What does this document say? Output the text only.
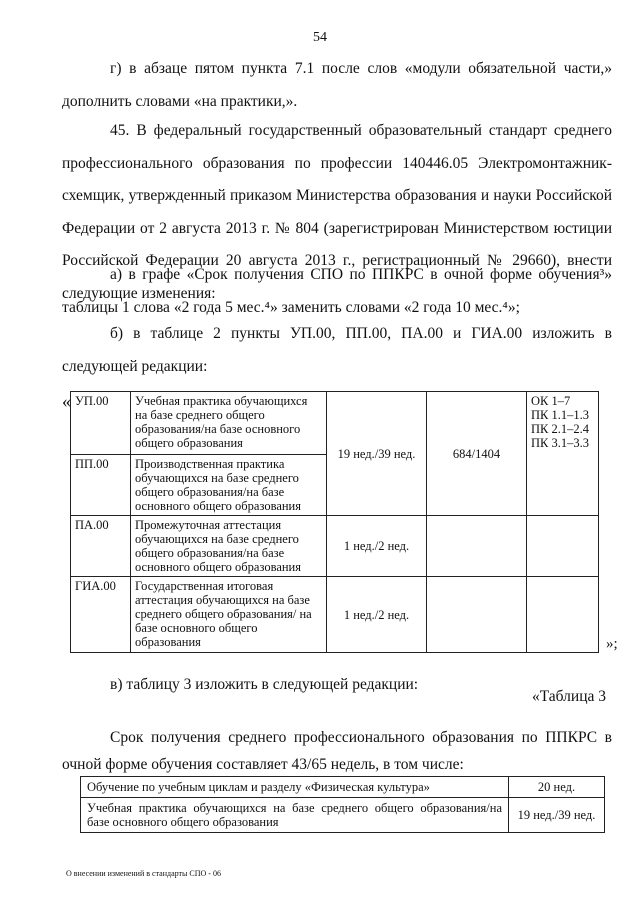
54
г) в абзаце пятом пункта 7.1 после слов «модули обязательной части,» дополнить словами «на практики,».
45. В федеральный государственный образовательный стандарт среднего профессионального образования по профессии 140446.05 Электромонтажник-схемщик, утвержденный приказом Министерства образования и науки Российской Федерации от 2 августа 2013 г. № 804 (зарегистрирован Министерством юстиции Российской Федерации 20 августа 2013 г., регистрационный № 29660), внести следующие изменения:
а) в графе «Срок получения СПО по ППКРС в очной форме обучения³» таблицы 1 слова «2 года 5 мес.⁴» заменить словами «2 года 10 мес.⁴»;
б) в таблице 2 пункты УП.00, ПП.00, ПА.00 и ГИА.00 изложить в следующей редакции:
« УП.00	Учебная практика обучающихся на базе среднего общего образования/на базе основного общего образования	19 нед./39 нед.	684/1404	ОК 1–7
ПК 1.1–1.3
ПК 2.1–2.4
ПК 3.1–3.3

ПП.00	Производственная практика обучающихся на базе среднего общего образования/на базе основного общего образования			
ПА.00	Промежуточная аттестация обучающихся на базе среднего общего образования/на базе основного общего образования	1 нед./2 нед.		
ГИА.00	Государственная итоговая аттестация обучающихся на базе среднего общего образования/ на базе основного общего образования	1 нед./2 нед.		
»;
в) таблицу 3 изложить в следующей редакции:
«Таблица 3
Срок получения среднего профессионального образования по ППКРС в очной форме обучения составляет 43/65 недель, в том числе:
Обучение по учебным циклам и разделу «Физическая культура»	20 нед.
Учебная практика обучающихся на базе среднего общего образования/на базе основного общего образования	19 нед./39 нед.
О внесении изменений в стандарты СПО - 06
